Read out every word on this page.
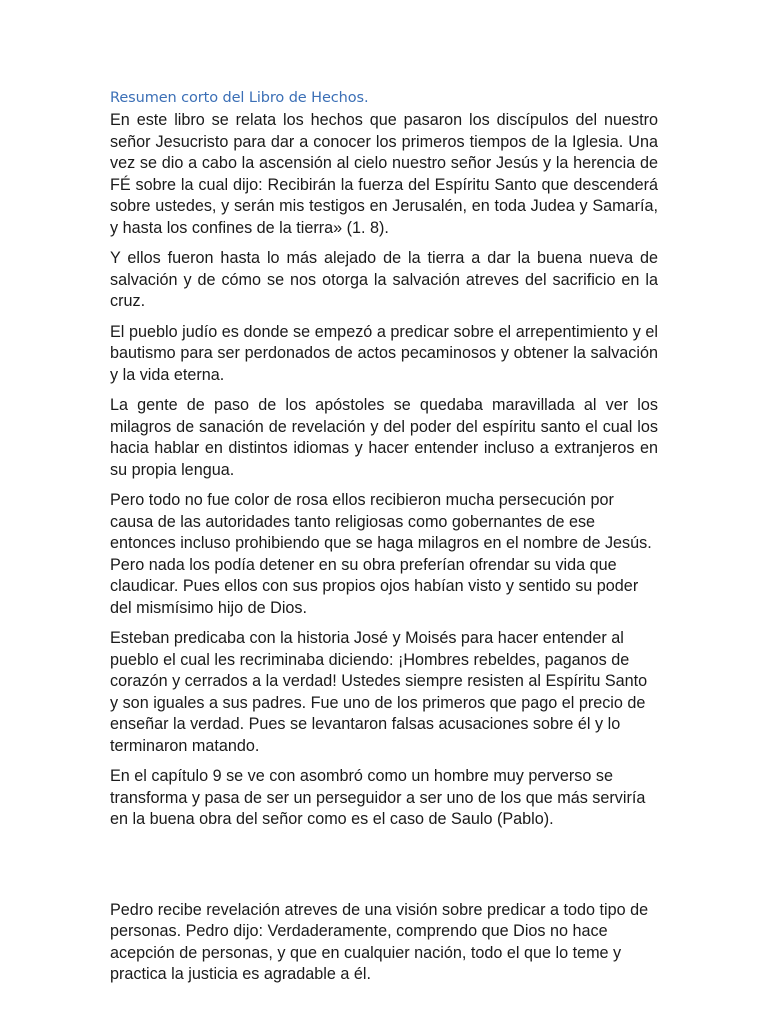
Resumen corto del Libro de Hechos.

En este libro se relata los hechos que pasaron los discípulos del nuestro señor Jesucristo para dar a conocer los primeros tiempos de la Iglesia. Una vez se dio a cabo la ascensión al cielo nuestro señor Jesús y la herencia de FÉ sobre la cual dijo: Recibirán la fuerza del Espíritu Santo que descenderá sobre ustedes, y serán mis testigos en Jerusalén, en toda Judea y Samaría, y hasta los confines de la tierra» (1. 8).

Y ellos fueron hasta lo más alejado de la tierra a dar la buena nueva de salvación y de cómo se nos otorga la salvación atreves del sacrificio en la cruz.

El pueblo judío es donde se empezó a predicar sobre el arrepentimiento y el bautismo para ser perdonados de actos pecaminosos y obtener la salvación y la vida eterna.

La gente de paso de los apóstoles se quedaba maravillada al ver los milagros de sanación de revelación y del poder del espíritu santo el cual los hacia hablar en distintos idiomas y hacer entender incluso a extranjeros en su propia lengua.

Pero todo no fue color de rosa ellos recibieron mucha persecución por causa de las autoridades tanto religiosas como gobernantes de ese entonces incluso prohibiendo que se haga milagros en el nombre de Jesús. Pero nada los podía detener en su obra preferían ofrendar su vida que claudicar. Pues ellos con sus propios ojos habían visto y sentido su poder del mismísimo hijo de Dios.

Esteban predicaba con la historia José y Moisés para hacer entender al pueblo el cual les recriminaba diciendo: ¡Hombres rebeldes, paganos de corazón y cerrados a la verdad! Ustedes siempre resisten al Espíritu Santo y son iguales a sus padres. Fue uno de los primeros que pago el precio de enseñar la verdad. Pues se levantaron falsas acusaciones sobre él y lo terminaron matando.

En el capítulo 9 se ve con asombró como un hombre muy perverso se transforma y pasa de ser un perseguidor a ser uno de los que más serviría en la buena obra del señor como es el caso de Saulo (Pablo).

Pedro recibe revelación atreves de una visión sobre predicar a todo tipo de personas. Pedro dijo: Verdaderamente, comprendo que Dios no hace acepción de personas, y que en cualquier nación, todo el que lo teme y practica la justicia es agradable a él.
